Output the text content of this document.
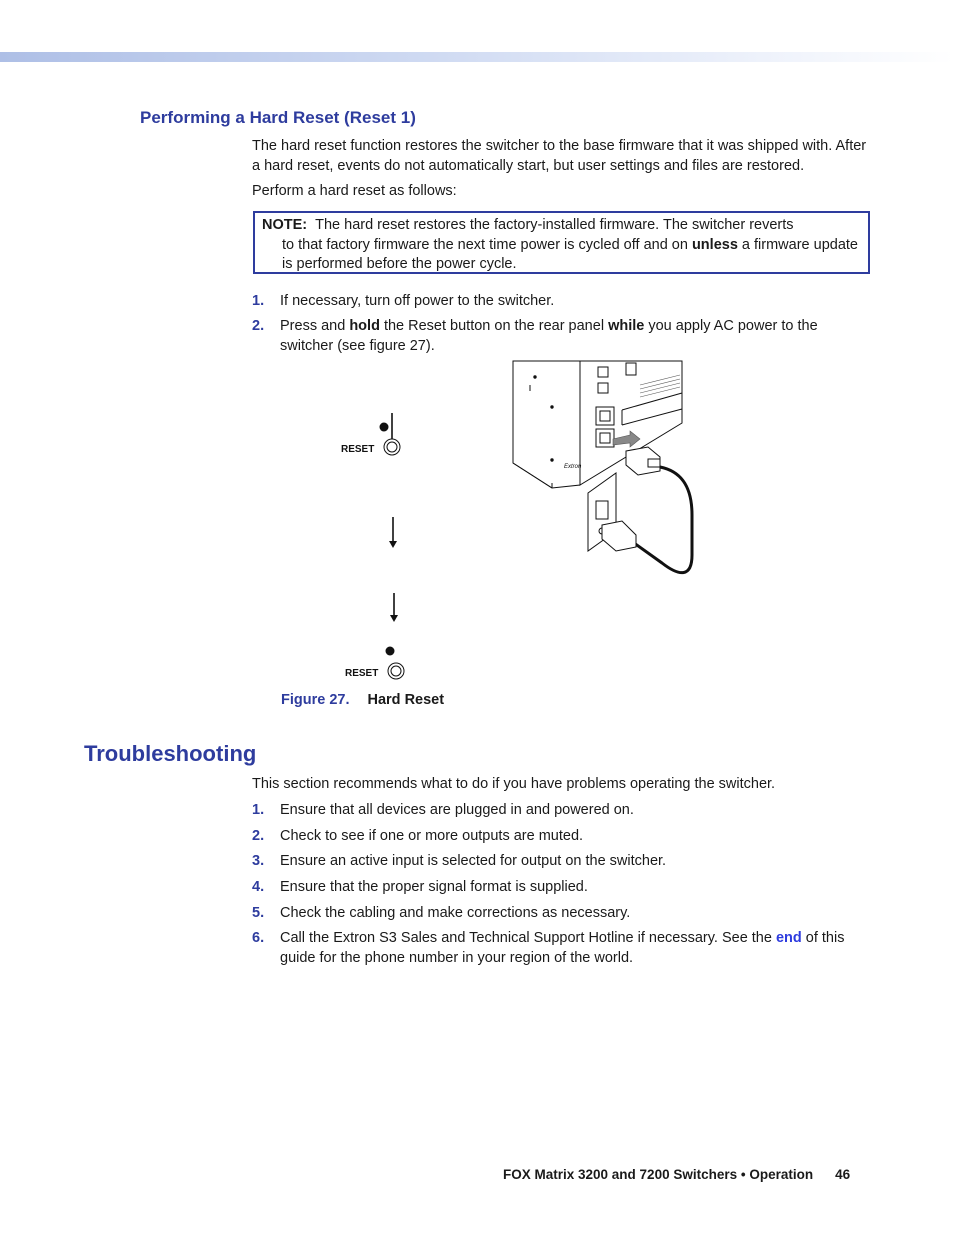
Performing a Hard Reset (Reset 1)

The hard reset function restores the switcher to the base firmware that it was shipped with. After a hard reset, events do not automatically start, but user settings and files are restored.

Perform a hard reset as follows:

NOTE: The hard reset restores the factory-installed firmware. The switcher reverts
to that factory firmware the next time power is cycled off and on unless a firmware update is performed before the power cycle.

1. If necessary, turn off power to the switcher.
2. Press and hold the Reset button on the rear panel while you apply AC power to the switcher (see figure 27).
RESET
RESET
Extron
Figure 27. Hard Reset
Troubleshooting

This section recommends what to do if you have problems operating the switcher.

1. Ensure that all devices are plugged in and powered on.
2. Check to see if one or more outputs are muted.
3. Ensure an active input is selected for output on the switcher.
4. Ensure that the proper signal format is supplied.
5. Check the cabling and make corrections as necessary.
6. Call the Extron S3 Sales and Technical Support Hotline if necessary. See the end of this guide for the phone number in your region of the world.
FOX Matrix 3200 and 7200 Switchers • Operation 46
